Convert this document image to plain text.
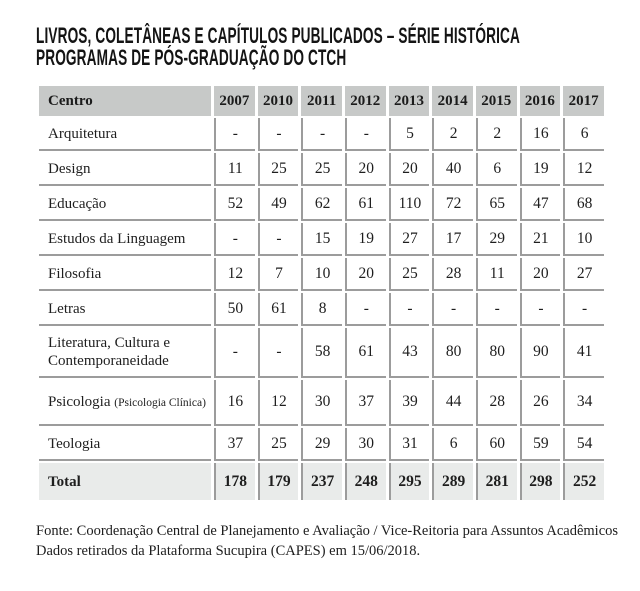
LIVROS, COLETÂNEAS E CAPÍTULOS PUBLICADOS – SÉRIE HISTÓRICA
PROGRAMAS DE PÓS-GRADUAÇÃO DO CTCH
Centro	2007	2010	2011	2012	2013	2014	2015	2016	2017
Arquitetura	-	-	-	-	5	2	2	16	6
Design	11	25	25	20	20	40	6	19	12
Educação	52	49	62	61	110	72	65	47	68
Estudos da Linguagem	-	-	15	19	27	17	29	21	10
Filosofia	12	7	10	20	25	28	11	20	27
Letras	50	61	8	-	-	-	-	-	-
Literatura, Cultura e Contemporaneidade	-	-	58	61	43	80	80	90	41
Psicologia (Psicologia Clínica)	16	12	30	37	39	44	28	26	34
Teologia	37	25	29	30	31	6	60	59	54
Total	178	179	237	248	295	289	281	298	252
Fonte: Coordenação Central de Planejamento e Avaliação / Vice-Reitoria para Assuntos Acadêmicos
Dados retirados da Plataforma Sucupira (CAPES) em 15/06/2018.
